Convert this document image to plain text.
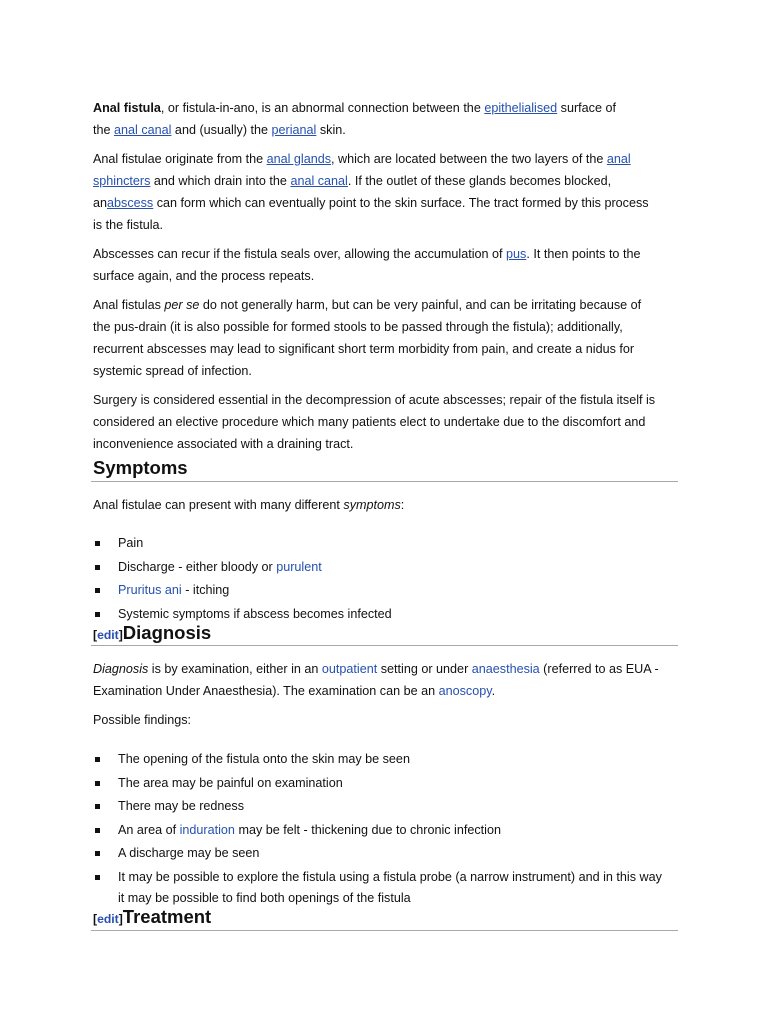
Anal fistula, or fistula-in-ano, is an abnormal connection between the epithelialised surface of
the anal canal and (usually) the perianal skin.

Anal fistulae originate from the anal glands, which are located between the two layers of the anal
sphincters and which drain into the anal canal. If the outlet of these glands becomes blocked,
anabscess can form which can eventually point to the skin surface. The tract formed by this process
is the fistula.

Abscesses can recur if the fistula seals over, allowing the accumulation of pus. It then points to the
surface again, and the process repeats.

Anal fistulas per se do not generally harm, but can be very painful, and can be irritating because of
the pus-drain (it is also possible for formed stools to be passed through the fistula); additionally,
recurrent abscesses may lead to significant short term morbidity from pain, and create a nidus for
systemic spread of infection.

Surgery is considered essential in the decompression of acute abscesses; repair of the fistula itself is
considered an elective procedure which many patients elect to undertake due to the discomfort and
inconvenience associated with a draining tract.

Symptoms

Anal fistulae can present with many different symptoms:

Pain
Discharge - either bloody or purulent
Pruritus ani - itching
Systemic symptoms if abscess becomes infected
[edit]Diagnosis

Diagnosis is by examination, either in an outpatient setting or under anaesthesia (referred to as EUA -
Examination Under Anaesthesia). The examination can be an anoscopy.

Possible findings:

The opening of the fistula onto the skin may be seen
The area may be painful on examination
There may be redness
An area of induration may be felt - thickening due to chronic infection
A discharge may be seen
It may be possible to explore the fistula using a fistula probe (a narrow instrument) and in this way
it may be possible to find both openings of the fistula
[edit]Treatment
